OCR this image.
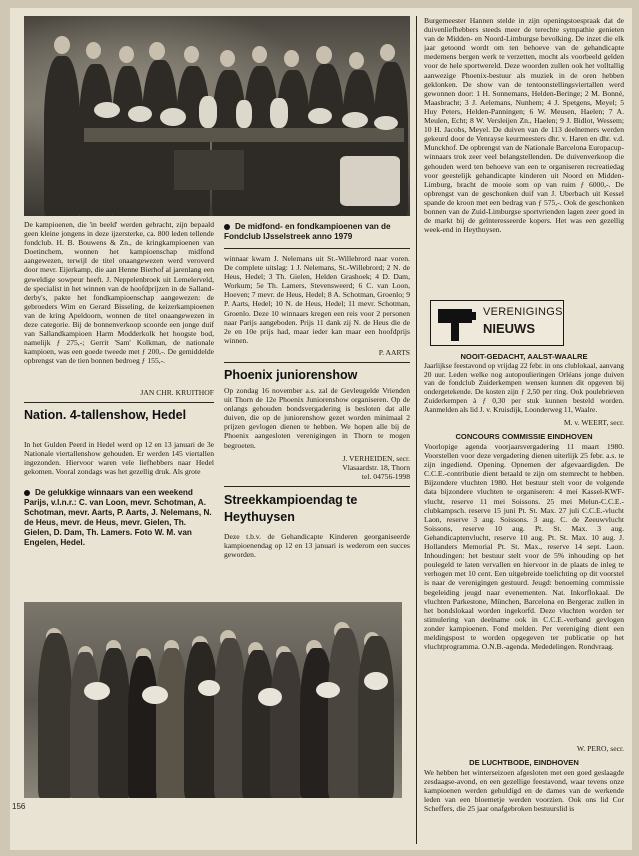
De kampioenen, die 'in beeld' werden gebracht, zijn bepaald geen kleine jongens in deze ijzersterke, ca. 800 leden tellende fondclub. H. B. Bouwens & Zn., de kringkampioenen van Doetinchem, wonnen het kampioenschap midfond aangewezen, terwijl de titel onaangewezen werd veroverd door mevr. Eijerkamp, die aan Henne Bierhof al jarenlang een geweldige sowpeur heeft. J. Neppelenbroek uit Lemelerveld, de specialist in het winnen van de hoofdprijzen in de Salland-derby's, pakte het fondkampioenschap aangewezen: de gebroeders Wim en Gerard Bisseling, de keizerkampioenen van de kring Apeldoorn, wonnen de titel onaangewezen in deze categorie. Bij de bonnenverkoop scoorde een jonge duif van Sallandkampioen Harm Modderkolk het hoogste bod, namelijk ƒ 275,-; Gerrit 'Sam' Kolkman, de nationale kampioen, was een goede tweede met ƒ 200,-. De gemiddelde opbrengst van de tien bonnen bedroeg ƒ 155,-.
JAN CHR. KRUITHOF
De midfond- en fondkampioenen van de Fondclub IJsselstreek anno 1979
winnaar kwam J. Nelemans uit St.-Willebrord naar voren. De complete uitslag: 1 J. Nelemans, St.-Willebrord; 2 N. de Heus, Hedel; 3 Th. Gielen, Helden Grashoek; 4 D. Dam, Workum; 5e Th. Lamers, Stevensweerd; 6 C. van Loon, Hoeven; 7 mevr. de Heus, Hedel; 8 A. Schotman, Groenlo; 9 P. Aarts, Hedel; 10 N. de Heus, Hedel; 11 mevr. Schotman, Groenlo. Deze 10 winnaars kregen een reis voor 2 personen naar Parijs aangeboden. Prijs 11 dank zij N. de Heus die de 2e en 10e prijs had, maar ieder kan maar een hoofdprijs winnen.
P. AARTS
Nation. 4-tallenshow, Hedel
In het Gulden Peerd in Hedel werd op 12 en 13 januari de 3e Nationale viertallenshow gehouden. Er werden 145 viertallen ingezonden. Hiervoor waren vele liefhebbers naar Hedel gekomen. Vooral zondags was het gezellig druk. Als grote
De gelukkige winnaars van een weekend Parijs, v.l.n.r.: C. van Loon, mevr. Schotman, A. Schotman, mevr. Aarts, P. Aarts, J. Nelemans, N. de Heus, mevr. de Heus, mevr. Gielen, Th. Gielen, D. Dam, Th. Lamers. Foto W. M. van Engelen, Hedel.
Phoenix juniorenshow
Op zondag 16 november a.s. zal de Gevleugelde Vrienden uit Thorn de 12e Phoenix Juniorenshow organiseren. Op de onlangs gehouden bondsvergadering is besloten dat alle duiven, die op de juniorenshow gezet worden minimaal 2 prijzen gevlogen dienen te hebben. We hopen alle bij de Phoenix aangesloten verenigingen in Thorn te mogen begroeten.
J. VERHEIDEN, secr.
Vlasaardstr. 18, Thorn
tel. 04756-1998
Streekkampioendag te Heythuysen
Deze t.b.v. de Gehandicapte Kinderen georganiseerde kampioenendag op 12 en 13 januari is wederom een succes geworden.
156
Burgemeester Hannen stelde in zijn openingstoespraak dat de duivenliefhebbers steeds meer de terechte sympathie genieten van de Midden- en Noord-Limburgse bevolking. De inzet die elk jaar getoond wordt om ten behoeve van de gehandicapte medemens bergen werk te verzetten, mocht als voorbeeld gelden voor de hele sportwereld. Deze woorden zullen ook het volltallig aanwezige Phoenix-bestuur als muziek in de oren hebben geklonken. De show van de tentoonstellingsviertallen werd gewonnen door: 1 H. Sonnemans, Helden-Beringe; 2 M. Bonné, Maasbracht; 3 J. Aelemans, Nunhem; 4 J. Spetgens, Meyel; 5 Huy Peters, Helden-Panningen; 6 W. Meusen, Haelen; 7 A. Meulen, Echt; 8 W. Versleijen Zn., Haelen; 9 J. Bidlot, Wessem; 10 H. Jacobs, Meyel. De duiven van de 113 deelnemers werden gekeurd door de Venrayse keurmeesters dhr. v. Haren en dhr. v.d. Munckhof. De opbrengst van de Nationale Barcelona Europacup-winnaars trok zeer veel belangstellenden. De duivenverkoop die gehouden werd ten behoeve van een te organiseren recreatiedag voor geestelijk gehandicapte kinderen uit Noord en Midden-Limburg, bracht de mooie som op van ruim ƒ 6000,-. De opbrengst van de geschonken duif van J. Uberbach uit Kessel spande de kroon met een bedrag van ƒ 575,-. Ook de geschonken bonnen van de Zuid-Limburgse sportvrienden lagen zeer goed in de markt bij de geïnteresseerde kopers. Het was een gezellig week-end in Heythuysen.
VERENIGINGS
NIEUWS
NOOIT-GEDACHT, AALST-WAALRE
Jaarlijkse feestavond op vrijdag 22 febr. in ons clublokaal, aanvang 20 uur. Leden welke nog autopoulieringen Orléans jonge duiven van de fondclub Zuiderkempen wensen kunnen dit opgeven bij ondergetekende. De kosten zijn ƒ 2,50 per ring. Ook poulebrieven Zuiderkempen à ƒ 0,30 per stuk kunnen besteld worden. Aanmelden als lid J. v. Kruisdijk, Loonderweg 11, Waalre.
M. v. WEERT, secr.
CONCOURS COMMISSIE EINDHOVEN
Voorlopige agenda voorjaarsvergadering 11 maart 1980. Voorstellen voor deze vergadering dienen uiterlijk 25 febr. a.s. te zijn ingediend. Opening. Opnemen der afgevaardigden. De C.C.E.-contributie dient betaald te zijn om stemrecht te hebben. Bijzondere vluchten 1980. Het bestuur stelt voor de volgende data bijzondere vluchten te organiseren: 4 mei Kassel-KWF-vlucht, reserve 11 mei Soissons. 25 mei Melun-C.C.E.-clubkampsch. reserve 15 juni Pt. St. Max. 27 juli C.C.E.-vlucht Laon, reserve 3 aug. Soissons. 3 aug. C. de Zeeuwvlucht Soissons, reserve 10 aug. Pt. St. Max. 3 aug. Gehandicaptenvlucht, reserve 10 aug. Pt. St. Max. 10 aug. J. Hollanders Memorial Pt. St. Max., reserve 14 sept. Laon. Inhoudingen: het bestuur stelt voor de 5% inhouding op het poulegeld te laten vervallen en hiervoor in de plaats de inleg te verhogen met 10 cent. Een uitgebreide toelichting op dit voorstel is naar de verenigingen gestuurd. Jeugd: benoeming commissie begeleiding jeugd naar evenementen. Nat. Inkorflokaal. De vluchten Parkestone, München, Barcelona en Bergerac zullen in het bondslokaal worden ingekorfd. Deze vluchten worden ter stimulering van deelname ook in C.C.E.-verband gevlogen zonder kampioenen. Fond melden. Per vereniging dient een meldingspost te worden opgegeven ter publicatie op het vluchtprogramma. O.N.B.-agenda. Mededelingen. Rondvraag.
W. PERO, secr.
DE LUCHTBODE, EINDHOVEN
We hebben het winterseizoen afgesloten met een goed geslaagde zesdaagse-avond, en een gezellige feestavond, waar tevens onze kampioenen werden gehuldigd en de dames van de werkende leden van een bloemetje werden voorzien. Ook ons lid Cor Scheffers, die 25 jaar onafgebroken bestuurslid is
